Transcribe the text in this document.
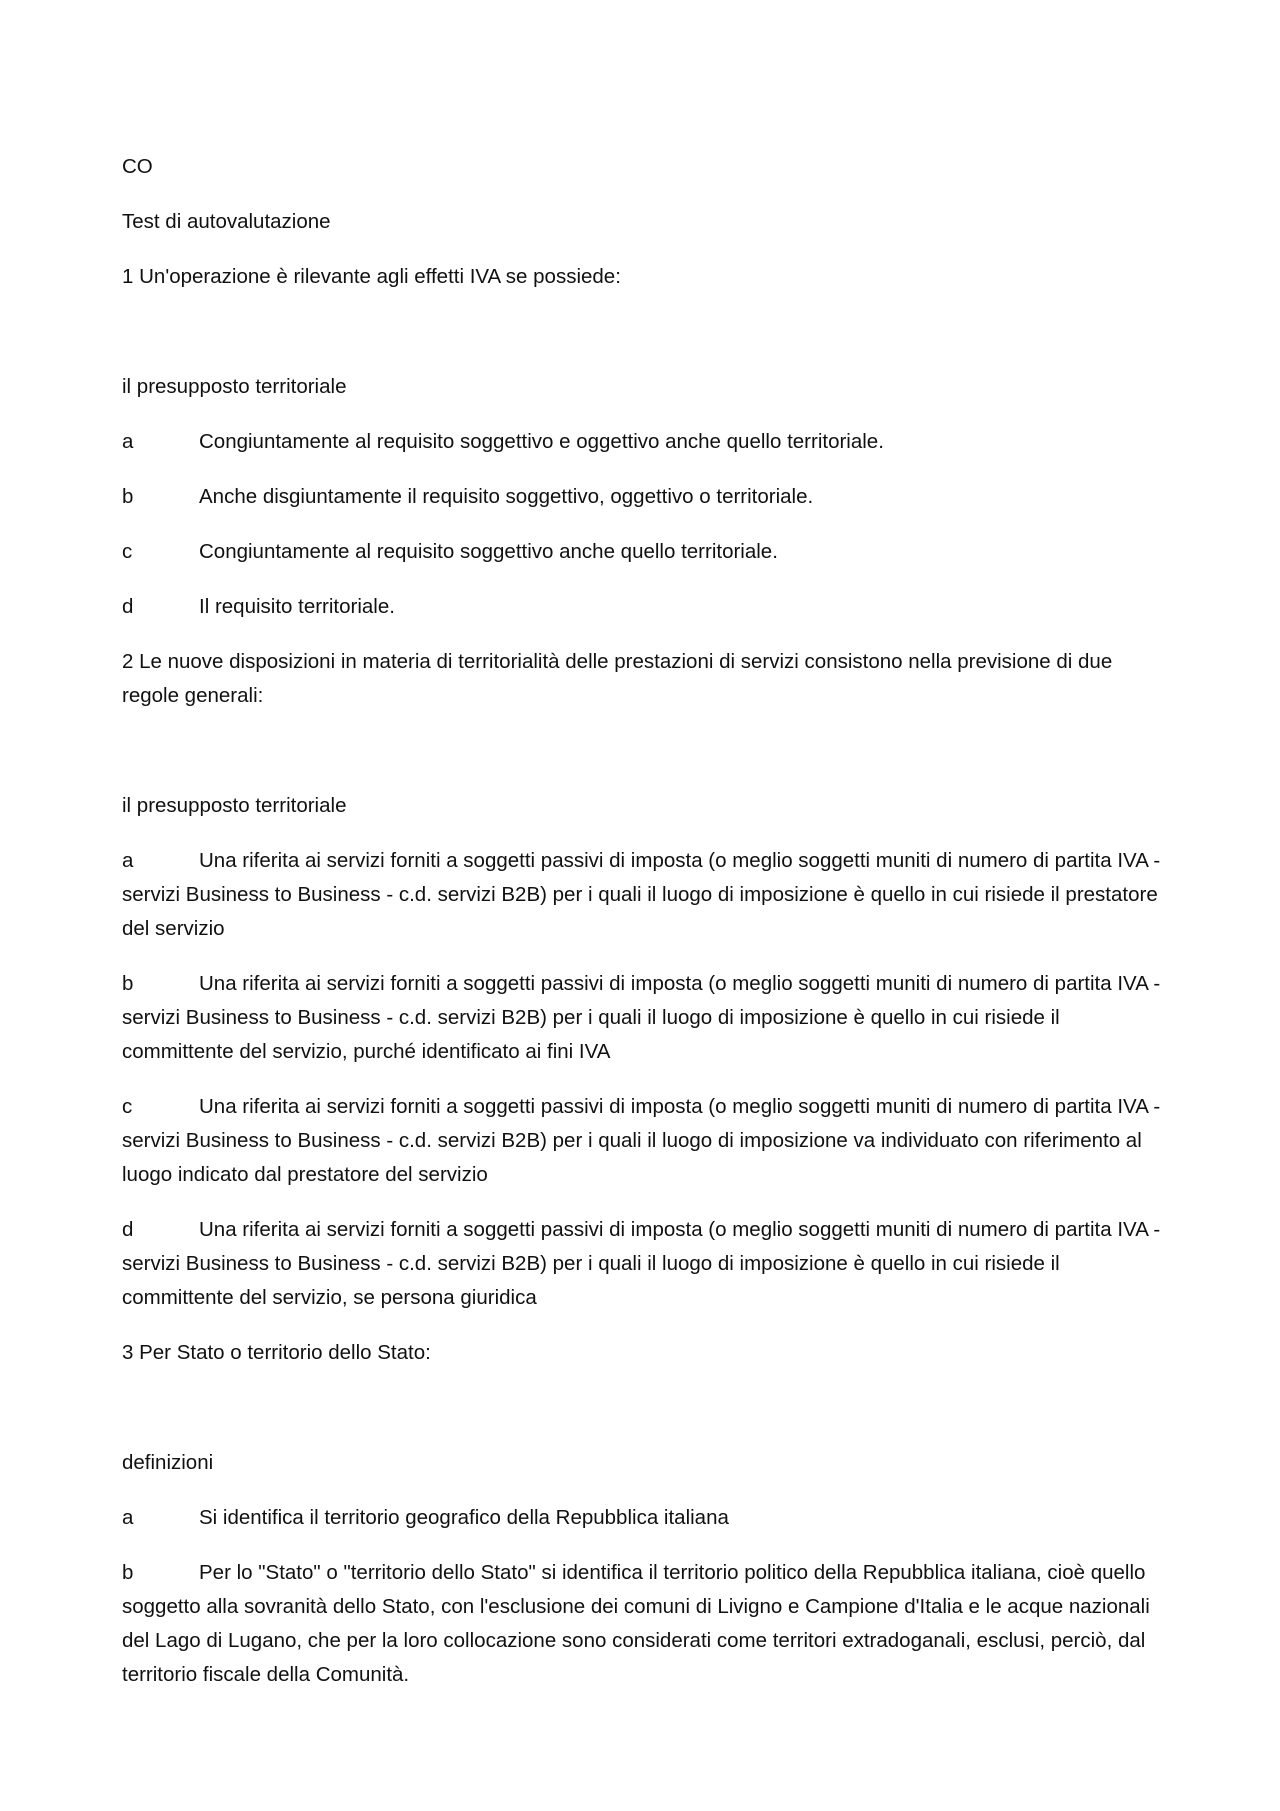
CO

Test di autovalutazione

1 Un'operazione è rilevante agli effetti IVA se possiede:

il presupposto territoriale

a	Congiuntamente al requisito soggettivo e oggettivo anche quello territoriale.

b	Anche disgiuntamente il requisito soggettivo, oggettivo o territoriale.

c	Congiuntamente al requisito soggettivo anche quello territoriale.

d	Il requisito territoriale.

2 Le nuove disposizioni in materia di territorialità delle prestazioni di servizi consistono nella previsione di due regole generali:

il presupposto territoriale

a	Una riferita ai servizi forniti a soggetti passivi di imposta (o meglio soggetti muniti di numero di partita IVA - servizi Business to Business - c.d. servizi B2B) per i quali il luogo di imposizione è quello in cui risiede il prestatore del servizio

b	Una riferita ai servizi forniti a soggetti passivi di imposta (o meglio soggetti muniti di numero di partita IVA - servizi Business to Business - c.d. servizi B2B) per i quali il luogo di imposizione è quello in cui risiede il committente del servizio, purché identificato ai fini IVA

c	Una riferita ai servizi forniti a soggetti passivi di imposta (o meglio soggetti muniti di numero di partita IVA - servizi Business to Business - c.d. servizi B2B) per i quali il luogo di imposizione va individuato con riferimento al luogo indicato dal prestatore del servizio

d	Una riferita ai servizi forniti a soggetti passivi di imposta (o meglio soggetti muniti di numero di partita IVA - servizi Business to Business - c.d. servizi B2B) per i quali il luogo di imposizione è quello in cui risiede il committente del servizio, se persona giuridica

3 Per Stato o territorio dello Stato:

definizioni

a	Si identifica il territorio geografico della Repubblica italiana

b	Per lo "Stato" o "territorio dello Stato" si identifica il territorio politico della Repubblica italiana, cioè quello soggetto alla sovranità dello Stato, con l'esclusione dei comuni di Livigno e Campione d'Italia e le acque nazionali del Lago di Lugano, che per la loro collocazione sono considerati come territori extradoganali, esclusi, perciò, dal territorio fiscale della Comunità.
